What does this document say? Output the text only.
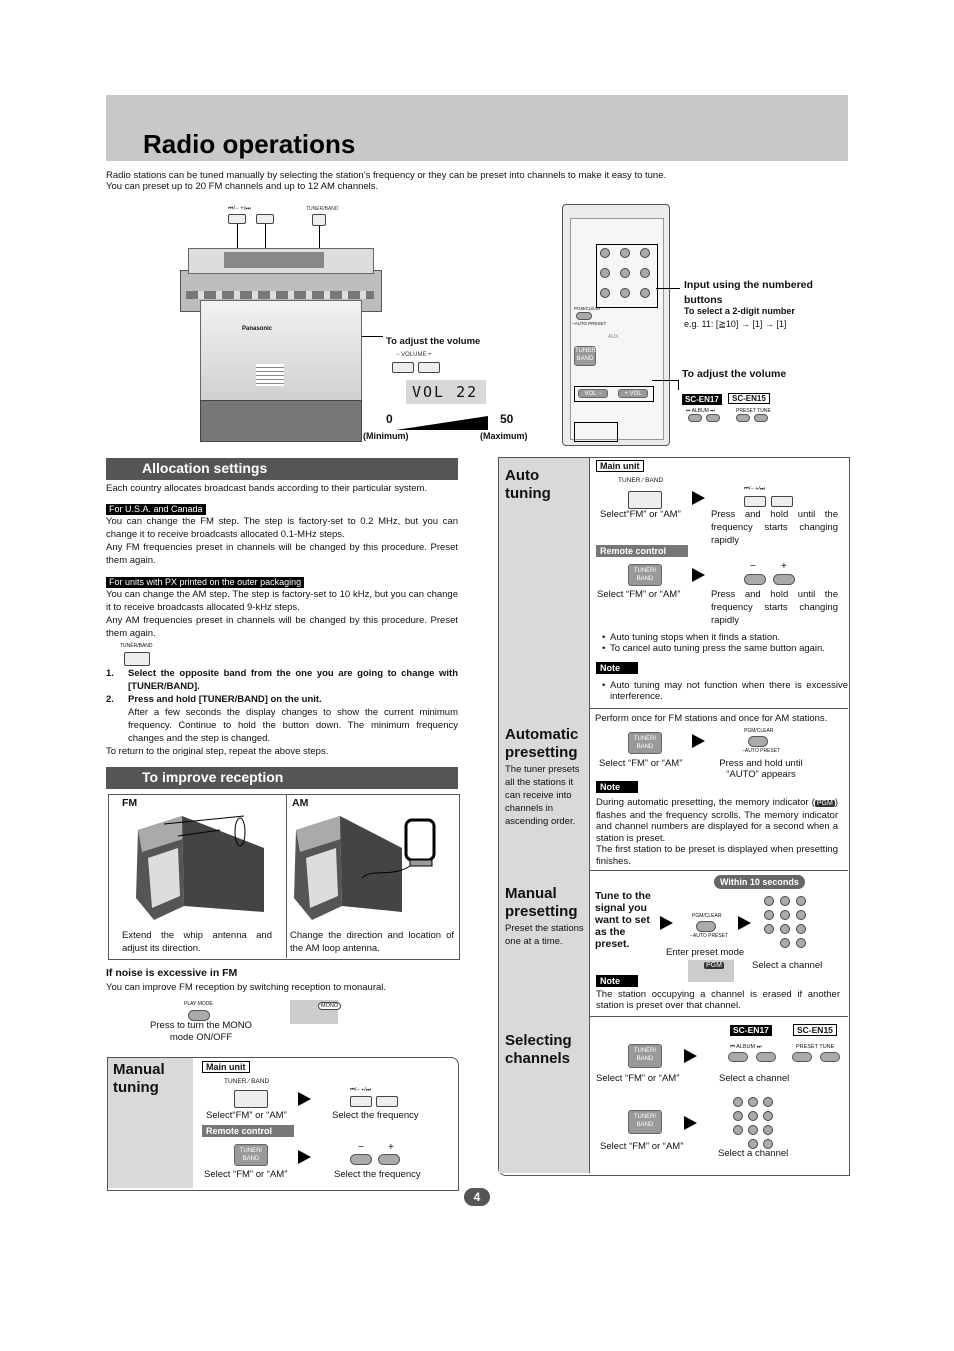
Radio operations
Radio stations can be tuned manually by selecting the station’s frequency or they can be preset into channels to make it easy to tune.
You can preset up to 20 FM channels and up to 12 AM channels.
⏮/− +/⏭	TUNER/BAND
Panasonic
To adjust the volume
− VOLUME +
VOL 22
0	50
(Minimum)	(Maximum)
PGM/CLEAR
−AUTO PRESET
AUX
TUNER/ BAND
VOL −	+ VOL
Input using the numbered buttons
To select a 2-digit number
e.g. 11: [≧10] → [1] → [1]
To adjust the volume
SC-EN17	SC-EN15
⏮ ALBUM ⏭	PRESET TUNE
Allocation settings
Each country allocates broadcast bands according to their particular system.
For U.S.A. and Canada
You can change the FM step. The step is factory-set to 0.2 MHz, but you can change it to receive broadcasts allocated 0.1-MHz steps.
Any FM frequencies preset in channels will be changed by this procedure. Preset them again.
For units with PX printed on the outer packaging
You can change the AM step. The step is factory-set to 10 kHz, but you can change it to receive broadcasts allocated 9-kHz steps.
Any AM frequencies preset in channels will be changed by this procedure. Preset them again.
TUNER/BAND
1.	Select the opposite band from the one you are going to change with [TUNER/BAND].
2.	Press and hold [TUNER/BAND] on the unit.
After a few seconds the display changes to show the current minimum frequency. Continue to hold the button down. The minimum frequency changes and the step is changed.
To return to the original step, repeat the above steps.
To improve reception
FM	AM
Extend the whip antenna and adjust its direction.
Change the direction and location of the AM loop antenna.
If noise is excessive in FM
You can improve FM reception by switching reception to monaural.
PLAY MODE	MONO
Press to turn the MONO
mode ON/OFF
Manual tuning
Main unit
TUNER ⁄ BAND
⏮/− +/⏭
Select“FM” or “AM”	Select the frequency
Remote control
TUNER/ BAND
− +
Select “FM” or “AM”	Select the frequency
Auto tuning
Main unit
TUNER ⁄ BAND
⏮/− +/⏭
Select“FM” or “AM”	Press and hold until the frequency starts changing rapidly
Remote control
TUNER/ BAND
−	+
Select “FM” or “AM”	Press and hold until the frequency starts changing rapidly
• Auto tuning stops when it finds a station.
• To cancel auto tuning press the same button again.
Note
• Auto tuning may not function when there is excessive interference.
Automatic presetting
The tuner presets all the stations it can receive into channels in ascending order.
Perform once for FM stations and once for AM stations.
TUNER/ BAND
PGM/CLEAR
−AUTO PRESET
Select “FM” or “AM”	Press and hold until “AUTO” appears
Note
During automatic presetting, the memory indicator ( PGM ) flashes and the frequency scrolls. The memory indicator and channel numbers are displayed for a second when a station is preset.
The first station to be preset is displayed when presetting finishes.
Manual presetting
Preset the stations one at a time.
Within 10 seconds
Tune to the signal you want to set as the preset.
PGM/CLEAR
−AUTO PRESET
Enter preset mode
PGM	Select a channel
Note
The station occupying a channel is erased if another station is preset over that channel.
Selecting channels
SC-EN17	SC-EN15
⏮ ALBUM ⏭	PRESET TUNE
TUNER/ BAND
Select “FM” or “AM”	Select a channel
TUNER/ BAND
Select “FM” or “AM”
Select a channel
4
